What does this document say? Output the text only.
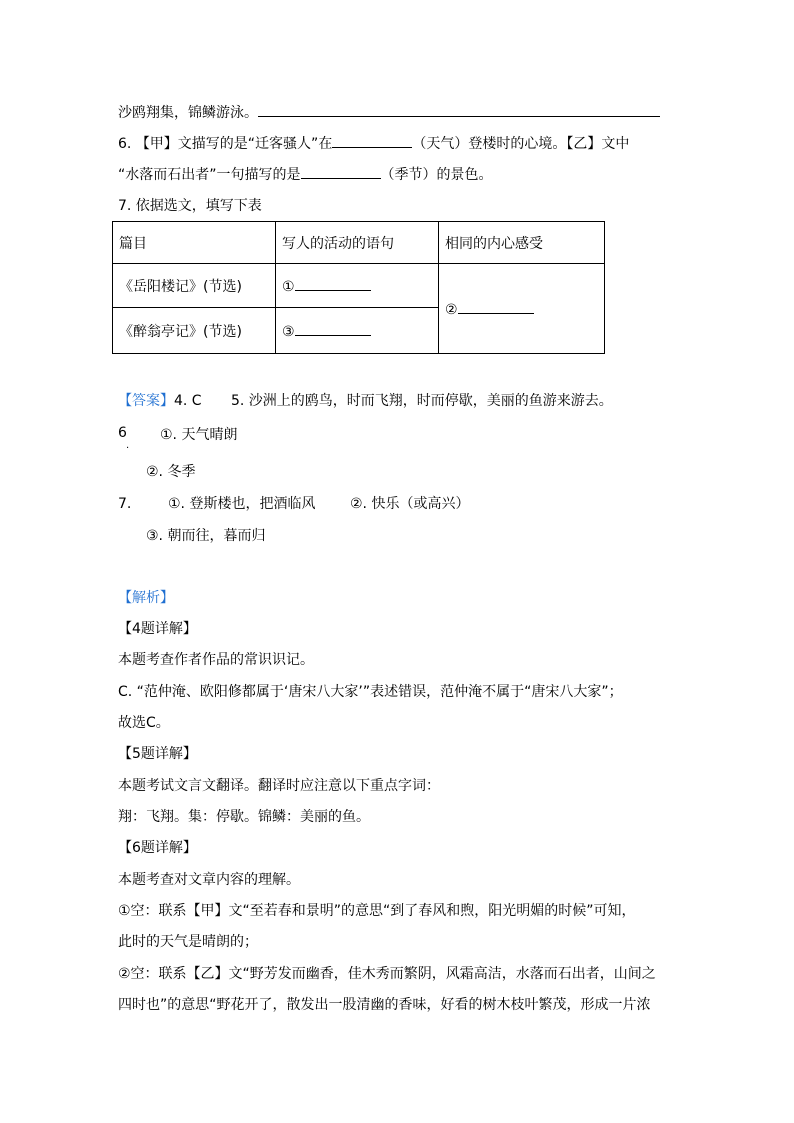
沙鸥翔集，锦鳞游泳。
6. 【甲】文描写的是“迁客骚人”在	（天气）登楼时的心境。【乙】文中
“水落而石出者”一句描写的是	（季节）的景色。
7. 依据选文，填写下表
篇目	写人的活动的语句	相同的内心感受
《岳阳楼记》(节选)	①	②
《醉翁亭记》(节选)	③	
【答案】4. C 5. 沙洲上的鸥鸟，时而飞翔，时而停歇，美丽的鱼游来游去。
6
.
①. 天气晴朗
②. 冬季
7.	①. 登斯楼也，把酒临风 ②. 快乐（或高兴）
③. 朝而往，暮而归
【解析】
【4题详解】
本题考查作者作品的常识识记。
C. “范仲淹、欧阳修都属于‘唐宋八大家’”表述错误，范仲淹不属于“唐宋八大家”；
故选C。
【5题详解】
本题考试文言文翻译。翻译时应注意以下重点字词：
翔：飞翔。集：停歇。锦鳞：美丽的鱼。
【6题详解】
本题考查对文章内容的理解。
①空：联系【甲】文“至若春和景明”的意思“到了春风和煦，阳光明媚的时候”可知，
此时的天气是晴朗的；
②空：联系【乙】文“野芳发而幽香，佳木秀而繁阴，风霜高洁，水落而石出者，山间之
四时也”的意思“野花开了，散发出一股清幽的香味，好看的树木枝叶繁茂，形成一片浓
